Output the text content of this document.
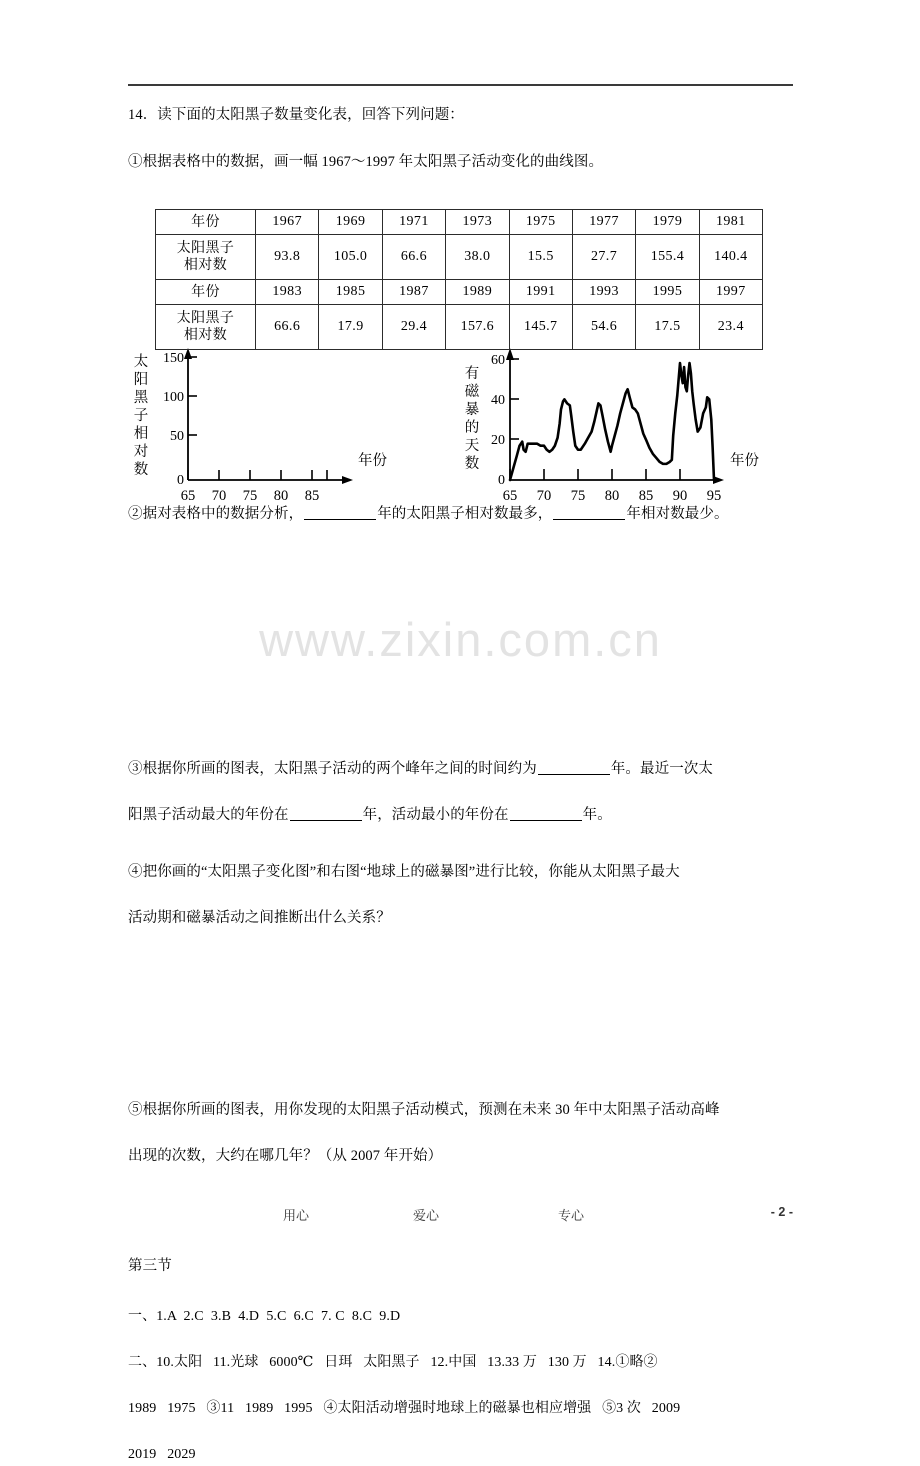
www.zixin.com.cn
14．读下面的太阳黑子数量变化表，回答下列问题：
①根据表格中的数据，画一幅 1967～1997 年太阳黑子活动变化的曲线图。
年份	1967	1969	1971	1973	1975	1977	1979	1981

太阳黑子
相对数	93.8	105.0	66.6	38.0	15.5	27.7	155.4	140.4
年份	1983	1985	1987	1989	1991	1993	1995	1997

太阳黑子
相对数	66.6	17.9	29.4	157.6	145.7	54.6	17.5	23.4
②据对表格中的数据分析，	年的太阳黑子相对数最多，	年相对数最少。
太
阳
黑
子
相
对
数
150
100
50
0
65 70 75 80 85
年份
有
磁
暴
的
天
数
60
40
20
0
65 70 75 80 85 90 95
年份
③根据你所画的图表，太阳黑子活动的两个峰年之间的时间约为	年。最近一次太
阳黑子活动最大的年份在	年，活动最小的年份在	年。
④把你画的“太阳黑子变化图”和右图“地球上的磁暴图”进行比较，你能从太阳黑子最大
活动期和磁暴活动之间推断出什么关系？
⑤根据你所画的图表，用你发现的太阳黑子活动模式，预测在未来 30 年中太阳黑子活动高峰
出现的次数，大约在哪几年？（从 2007 年开始）
第三节
一、1.A  2.C  3.B  4.D  5.C  6.C  7. C  8.C  9.D
二、10.太阳   11.光球   6000℃   日珥   太阳黑子   12.中国   13.33 万   130 万   14.①略②
1989   1975   ③11   1989   1995   ④太阳活动增强时地球上的磁暴也相应增强   ⑤3 次   2009
2019   2029
用心	爱心	专心	- 2 -
